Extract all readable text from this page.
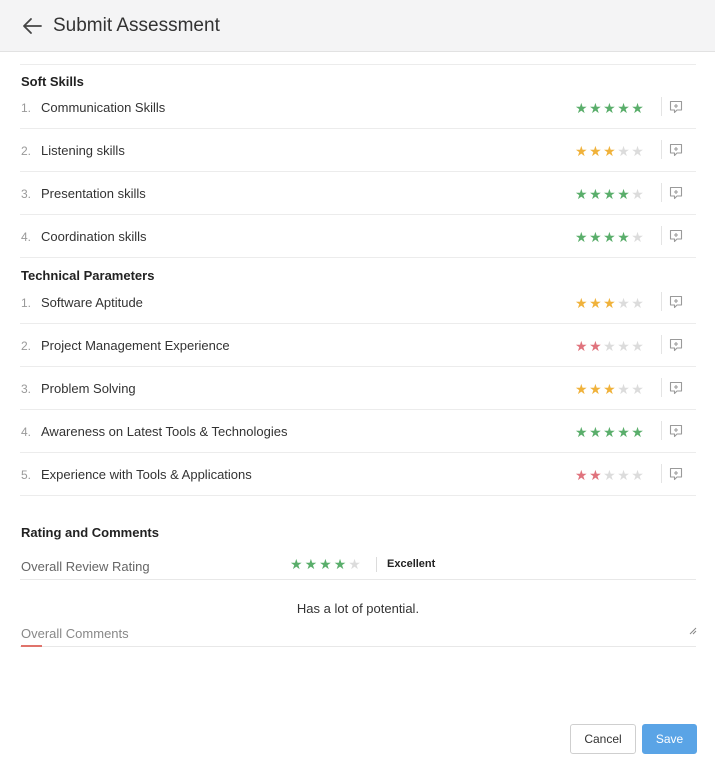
Submit Assessment
Soft Skills
1. Communication Skills	★ ★ ★ ★ ★
2. Listening skills	★ ★ ★ ★ ★
3. Presentation skills	★ ★ ★ ★ ★
4. Coordination skills	★ ★ ★ ★ ★
Technical Parameters
1. Software Aptitude	★ ★ ★ ★ ★
2. Project Management Experience	★ ★ ★ ★ ★
3. Problem Solving	★ ★ ★ ★ ★
4. Awareness on Latest Tools & Technologies	★ ★ ★ ★ ★
5. Experience with Tools & Applications	★ ★ ★ ★ ★
Rating and Comments
Overall Review Rating	★ ★ ★ ★ ★ Excellent
Has a lot of potential.
Overall Comments
Cancel	Save
